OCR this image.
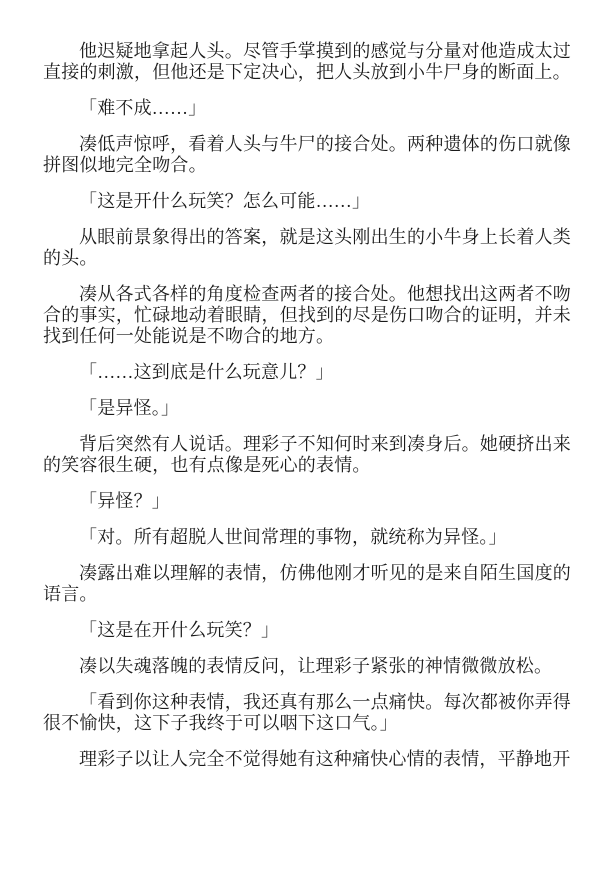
他迟疑地拿起人头。尽管手掌摸到的感觉与分量对他造成太过直接的刺激，但他还是下定决心，把人头放到小牛尸身的断面上。

「难不成……」

凑低声惊呼，看着人头与牛尸的接合处。两种遗体的伤口就像拼图似地完全吻合。

「这是开什么玩笑？怎么可能……」

从眼前景象得出的答案，就是这头刚出生的小牛身上长着人类的头。

凑从各式各样的角度检查两者的接合处。他想找出这两者不吻合的事实，忙碌地动着眼睛，但找到的尽是伤口吻合的证明，并未找到任何一处能说是不吻合的地方。

「……这到底是什么玩意儿？」

「是异怪。」

背后突然有人说话。理彩子不知何时来到凑身后。她硬挤出来的笑容很生硬，也有点像是死心的表情。

「异怪？」

「对。所有超脱人世间常理的事物，就统称为异怪。」

凑露出难以理解的表情，仿佛他刚才听见的是来自陌生国度的语言。

「这是在开什么玩笑？」

凑以失魂落魄的表情反问，让理彩子紧张的神情微微放松。

「看到你这种表情，我还真有那么一点痛快。每次都被你弄得很不愉快，这下子我终于可以咽下这口气。」

理彩子以让人完全不觉得她有这种痛快心情的表情，平静地开
